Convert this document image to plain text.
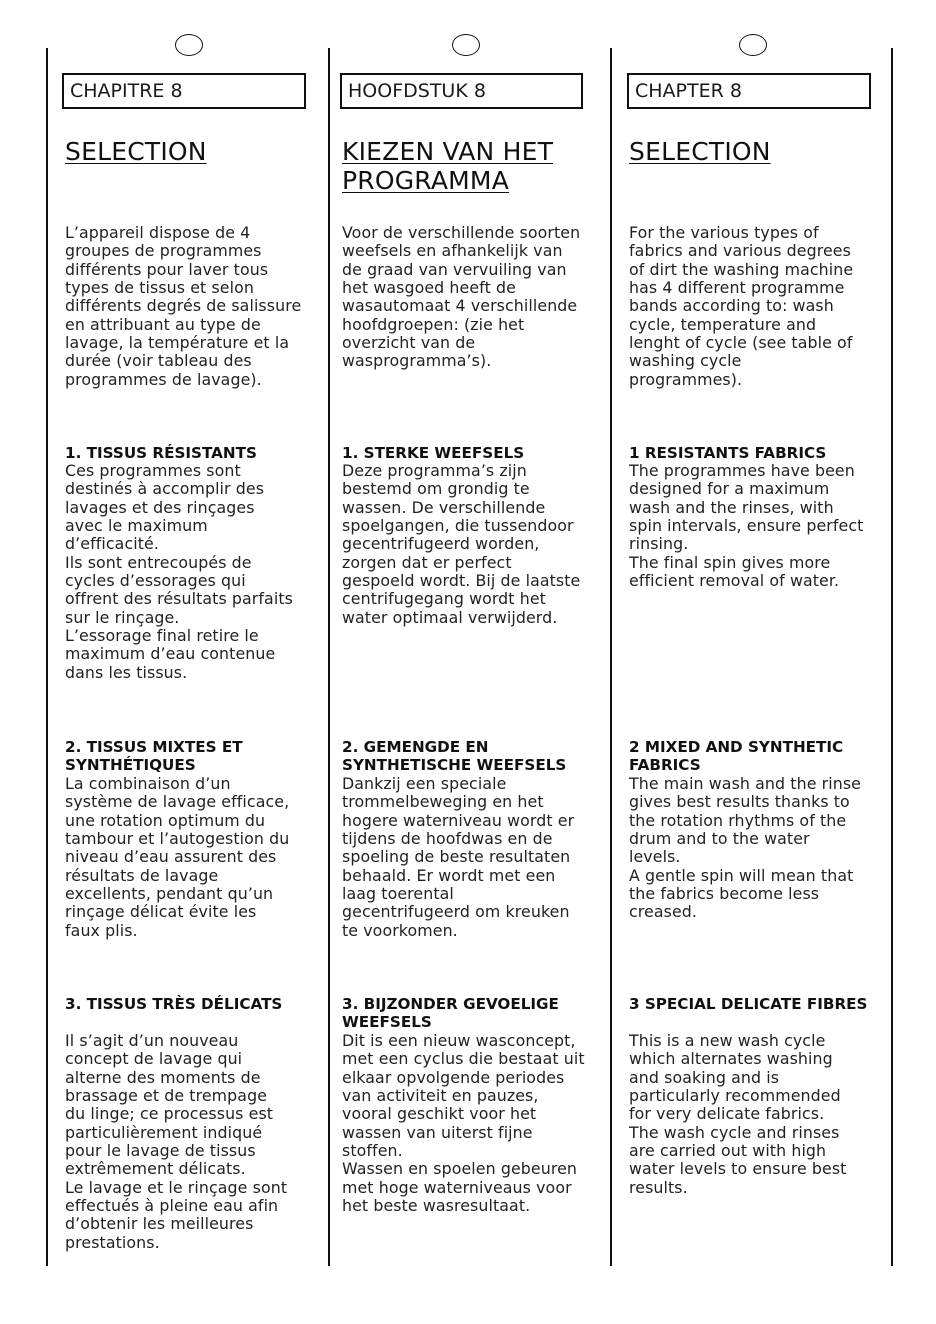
CHAPITRE 8
SELECTION
L’appareil dispose de 4
groupes de programmes
différents pour laver tous
types de tissus et selon
différents degrés de salissure
en attribuant au type de
lavage, la température et la
durée (voir tableau des
programmes de lavage).
1. TISSUS RÉSISTANTS
Ces programmes sont
destinés à accomplir des
lavages et des rinçages
avec le maximum
d’efficacité.
Ils sont entrecoupés de
cycles d’essorages qui
offrent des résultats parfaits
sur le rinçage.
L’essorage final retire le
maximum d’eau contenue
dans les tissus.
2. TISSUS MIXTES ET
SYNTHÉTIQUES
La combinaison d’un
système de lavage efficace,
une rotation optimum du
tambour et l’autogestion du
niveau d’eau assurent des
résultats de lavage
excellents, pendant qu’un
rinçage délicat évite les
faux plis.
3. TISSUS TRÈS DÉLICATS
Il s’agit d’un nouveau
concept de lavage qui
alterne des moments de
brassage et de trempage
du linge; ce processus est
particulièrement indiqué
pour le lavage de tissus
extrêmement délicats.
Le lavage et le rinçage sont
effectués à pleine eau afin
d’obtenir les meilleures
prestations.
HOOFDSTUK 8
KIEZEN VAN HET
PROGRAMMA
Voor de verschillende soorten
weefsels en afhankelijk van
de graad van vervuiling van
het wasgoed heeft de
wasautomaat 4 verschillende
hoofdgroepen: (zie het
overzicht van de
wasprogramma’s).
1. STERKE WEEFSELS
Deze programma’s zijn
bestemd om grondig te
wassen. De verschillende
spoelgangen, die tussendoor
gecentrifugeerd worden,
zorgen dat er perfect
gespoeld wordt. Bij de laatste
centrifugegang wordt het
water optimaal verwijderd.
2. GEMENGDE EN
SYNTHETISCHE WEEFSELS
Dankzij een speciale
trommelbeweging en het
hogere waterniveau wordt er
tijdens de hoofdwas en de
spoeling de beste resultaten
behaald. Er wordt met een
laag toerental
gecentrifugeerd om kreuken
te voorkomen.
3. BIJZONDER GEVOELIGE
WEEFSELS
Dit is een nieuw wasconcept,
met een cyclus die bestaat uit
elkaar opvolgende periodes
van activiteit en pauzes,
vooral geschikt voor het
wassen van uiterst fijne stoffen.
Wassen en spoelen gebeuren
met hoge waterniveaus voor
het beste wasresultaat.
CHAPTER 8
SELECTION
For the various types of
fabrics and various degrees
of dirt the washing machine
has 4 different programme
bands according to: wash
cycle, temperature and
lenght of cycle (see table of
washing cycle
programmes).
1 RESISTANTS FABRICS
The programmes have been
designed for a maximum
wash and the rinses, with
spin intervals, ensure perfect
rinsing.
The final spin gives more
efficient removal of water.
2 MIXED AND SYNTHETIC
FABRICS
The main wash and the rinse
gives best results thanks to
the rotation rhythms of the
drum and to the water
levels.
A gentle spin will mean that
the fabrics become less
creased.
3 SPECIAL DELICATE FIBRES
This is a new wash cycle
which alternates washing
and soaking and is
particularly recommended
for very delicate fabrics.
The wash cycle and rinses
are carried out with high
water levels to ensure best
results.
